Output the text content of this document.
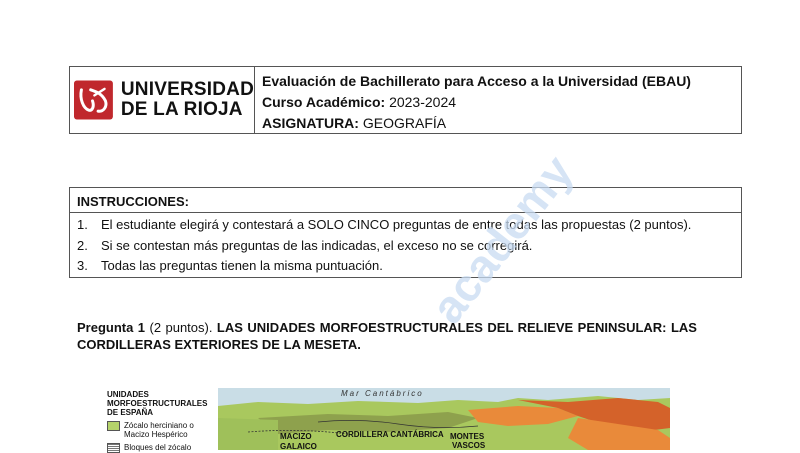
UNIVERSIDAD
DE LA RIOJA
Evaluación de Bachillerato para Acceso a la Universidad (EBAU)
Curso Académico: 2023-2024
ASIGNATURA: GEOGRAFÍA
INSTRUCCIONES:
1.	El estudiante elegirá y contestará a SOLO CINCO preguntas de entre todas las propuestas (2 puntos).
2.	Si se contestan más preguntas de las indicadas, el exceso no se corregirá.
3.	Todas las preguntas tienen la misma puntuación. academy
Pregunta 1 (2 puntos). LAS UNIDADES MORFOESTRUCTURALES DEL RELIEVE PENINSULAR: LAS CORDILLERAS EXTERIORES DE LA MESETA.
UNIDADES MORFOESTRUCTURALES DE ESPAÑA
Zócalo herciniano o Macizo Hespérico
Bloques del zócalo
Mar Cantábrico
MACIZO
GALAICO
CORDILLERA CANTÁBRICA MONTES
VASCOS
